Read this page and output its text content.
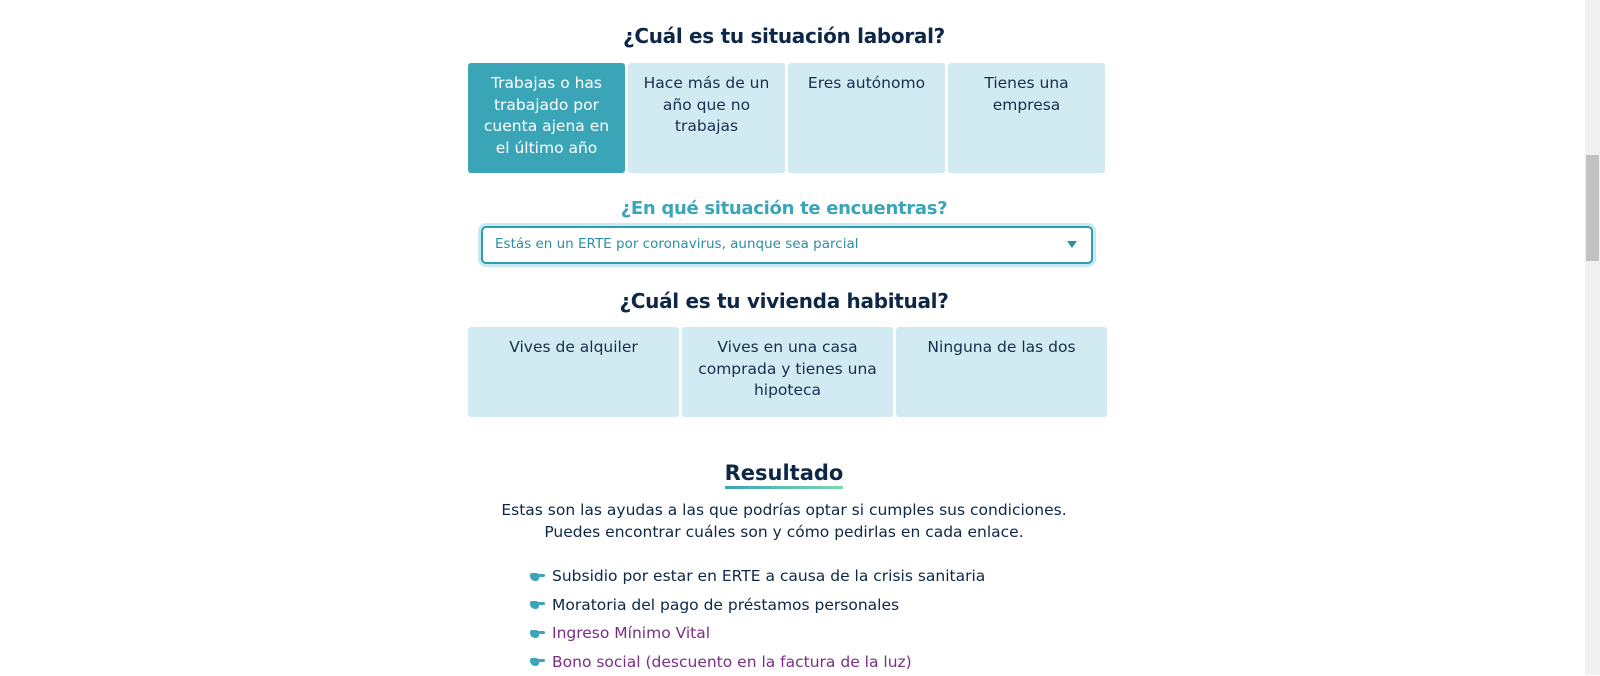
¿Cuál es tu situación laboral?
Trabajas o has trabajado por cuenta ajena en el último año
Hace más de un año que no trabajas
Eres autónomo	Tienes una empresa
¿En qué situación te encuentras?
Estás en un ERTE por coronavirus, aunque sea parcial
¿Cuál es tu vivienda habitual?
Vives de alquiler	Vives en una casa comprada y tienes una hipoteca
Ninguna de las dos
Resultado
Estas son las ayudas a las que podrías optar si cumples sus condiciones.
Puedes encontrar cuáles son y cómo pedirlas en cada enlace.
Subsidio por estar en ERTE a causa de la crisis sanitaria
Moratoria del pago de préstamos personales
Ingreso Mínimo Vital
Bono social (descuento en la factura de la luz)
